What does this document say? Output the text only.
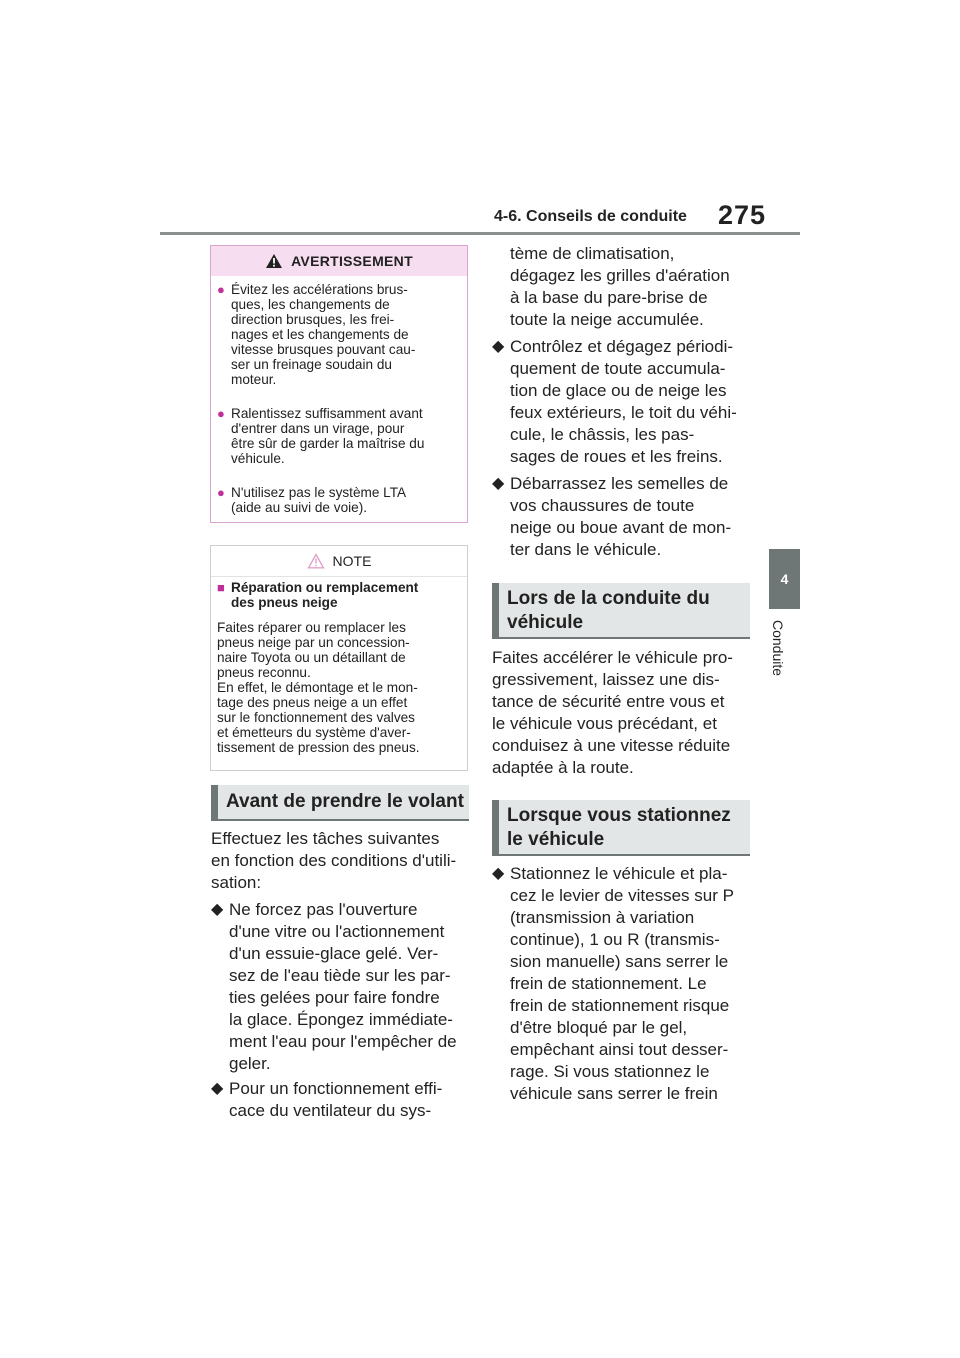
4-6. Conseils de conduite 275
4
Conduite
AVERTISSEMENT
● Évitez les accélérations brus-
ques, les changements de
direction brusques, les frei-
nages et les changements de
vitesse brusques pouvant cau-
ser un freinage soudain du
moteur.
● Ralentissez suffisamment avant
d'entrer dans un virage, pour
être sûr de garder la maîtrise du
véhicule.
● N'utilisez pas le système LTA
(aide au suivi de voie).
NOTE
■ Réparation ou remplacement
des pneus neige
Faites réparer ou remplacer les
pneus neige par un concession-
naire Toyota ou un détaillant de
pneus reconnu.
En effet, le démontage et le mon-
tage des pneus neige a un effet
sur le fonctionnement des valves
et émetteurs du système d'aver-
tissement de pression des pneus.
Avant de prendre le volant
Effectuez les tâches suivantes
en fonction des conditions d'utili-
sation:
◆ Ne forcez pas l'ouverture
d'une vitre ou l'actionnement
d'un essuie-glace gelé. Ver-
sez de l'eau tiède sur les par-
ties gelées pour faire fondre
la glace. Épongez immédiate-
ment l'eau pour l'empêcher de
geler.
◆ Pour un fonctionnement effi-
cace du ventilateur du sys-
tème de climatisation,
dégagez les grilles d'aération
à la base du pare-brise de
toute la neige accumulée.
◆ Contrôlez et dégagez périodi-
quement de toute accumula-
tion de glace ou de neige les
feux extérieurs, le toit du véhi-
cule, le châssis, les pas-
sages de roues et les freins.
◆ Débarrassez les semelles de
vos chaussures de toute
neige ou boue avant de mon-
ter dans le véhicule.
Lors de la conduite du
véhicule
Faites accélérer le véhicule pro-
gressivement, laissez une dis-
tance de sécurité entre vous et
le véhicule vous précédant, et
conduisez à une vitesse réduite
adaptée à la route.
Lorsque vous stationnez
le véhicule
◆ Stationnez le véhicule et pla-
cez le levier de vitesses sur P
(transmission à variation
continue), 1 ou R (transmis-
sion manuelle) sans serrer le
frein de stationnement. Le
frein de stationnement risque
d'être bloqué par le gel,
empêchant ainsi tout desser-
rage. Si vous stationnez le
véhicule sans serrer le frein
